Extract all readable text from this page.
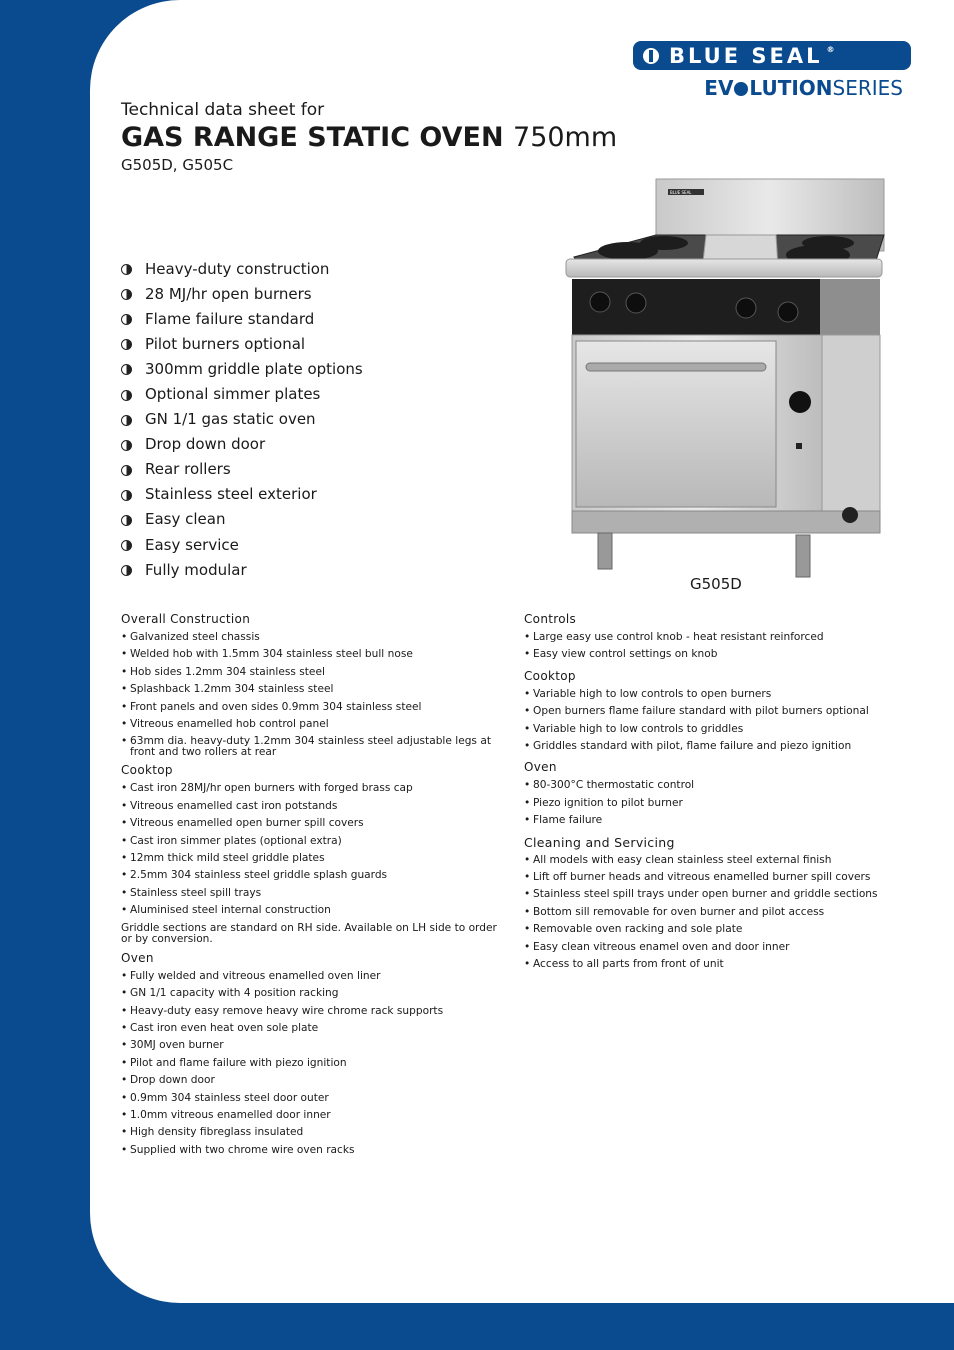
BLUE SEAL ®
EV LUTIONSERIES

Technical data sheet for

GAS RANGE STATIC OVEN 750mm

G505D, G505C

Heavy-duty construction
28 MJ/hr open burners
Flame failure standard
Pilot burners optional
300mm griddle plate options
Optional simmer plates
GN 1/1 gas static oven
Drop down door
Rear rollers
Stainless steel exterior
Easy clean
Easy service
Fully modular
BLUE SEAL

G505D

Overall Construction
• Galvanized steel chassis
• Welded hob with 1.5mm 304 stainless steel bull nose
• Hob sides 1.2mm 304 stainless steel
• Splashback 1.2mm 304 stainless steel
• Front panels and oven sides 0.9mm 304 stainless steel
• Vitreous enamelled hob control panel
• 63mm dia. heavy-duty 1.2mm 304 stainless steel adjustable legs at front and two rollers at rear
Cooktop
• Cast iron 28MJ/hr open burners with forged brass cap
• Vitreous enamelled cast iron potstands
• Vitreous enamelled open burner spill covers
• Cast iron simmer plates (optional extra)
• 12mm thick mild steel griddle plates
• 2.5mm 304 stainless steel griddle splash guards
• Stainless steel spill trays
• Aluminised steel internal construction

Griddle sections are standard on RH side. Available on LH side to order or by conversion.

Oven
• Fully welded and vitreous enamelled oven liner
• GN 1/1 capacity with 4 position racking
• Heavy-duty easy remove heavy wire chrome rack supports
• Cast iron even heat oven sole plate
• 30MJ oven burner
• Pilot and flame failure with piezo ignition
• Drop down door
• 0.9mm 304 stainless steel door outer
• 1.0mm vitreous enamelled door inner
• High density fibreglass insulated
• Supplied with two chrome wire oven racks
Controls
• Large easy use control knob - heat resistant reinforced
• Easy view control settings on knob
Cooktop
• Variable high to low controls to open burners
• Open burners flame failure standard with pilot burners optional
• Variable high to low controls to griddles
• Griddles standard with pilot, flame failure and piezo ignition
Oven
• 80-300°C thermostatic control
• Piezo ignition to pilot burner
• Flame failure
Cleaning and Servicing
• All models with easy clean stainless steel external finish
• Lift off burner heads and vitreous enamelled burner spill covers
• Stainless steel spill trays under open burner and griddle sections
• Bottom sill removable for oven burner and pilot access
• Removable oven racking and sole plate
• Easy clean vitreous enamel oven and door inner
• Access to all parts from front of unit
